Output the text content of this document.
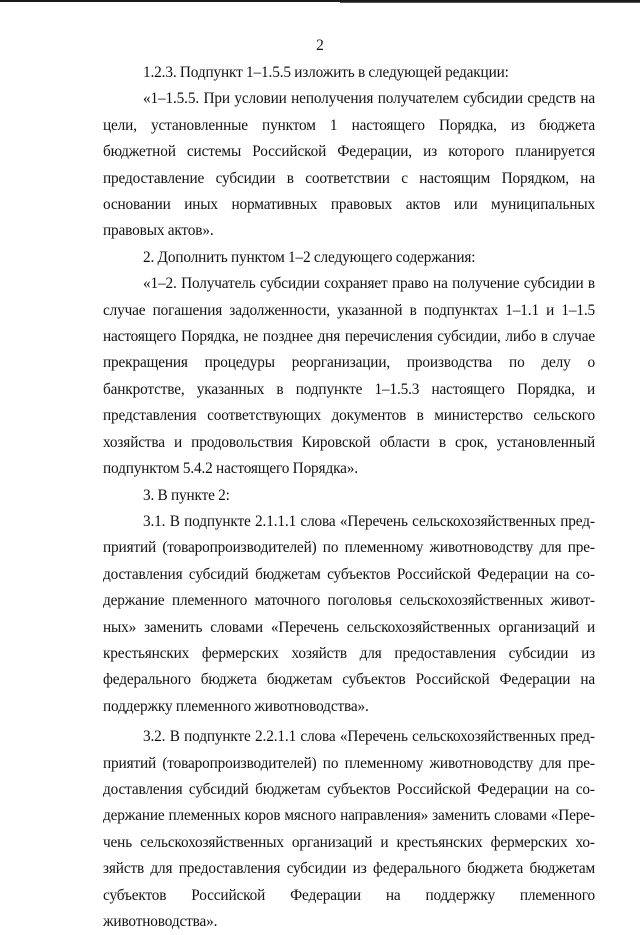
2

1.2.3. Подпункт 1–1.5.5 изложить в следующей редакции:

«1–1.5.5. При условии неполучения получателем субсидии средств на цели, установленные пунктом 1 настоящего Порядка, из бюджета бюджетной системы Российской Федерации, из которого планируется предоставление субсидии в соответствии с настоящим Порядком, на основании иных нормативных правовых актов или муниципальных правовых актов».

2. Дополнить пунктом 1–2 следующего содержания:

«1–2. Получатель субсидии сохраняет право на получение субсидии в случае погашения задолженности, указанной в подпунктах 1–1.1 и 1–1.5 настоящего Порядка, не позднее дня перечисления субсидии, либо в случае прекращения процедуры реорганизации, производства по делу о банкротстве, указанных в подпункте 1–1.5.3 настоящего Порядка, и представления соответствующих документов в министерство сельского хозяйства и продовольствия Кировской области в срок, установленный подпунктом 5.4.2 настоящего Порядка».

3. В пункте 2:

3.1. В подпункте 2.1.1.1 слова «Перечень сельскохозяйственных предприятий (товаропроизводителей) по племенному животноводству для предоставления субсидий бюджетам субъектов Российской Федерации на содержание племенного маточного поголовья сельскохозяйственных животных» заменить словами «Перечень сельскохозяйственных организаций и крестьянских фермерских хозяйств для предоставления субсидии из федерального бюджета бюджетам субъектов Российской Федерации на поддержку племенного животноводства».

3.2. В подпункте 2.2.1.1 слова «Перечень сельскохозяйственных предприятий (товаропроизводителей) по племенному животноводству для предоставления субсидий бюджетам субъектов Российской Федерации на содержание племенных коров мясного направления» заменить словами «Перечень сельскохозяйственных организаций и крестьянских фермерских хозяйств для предоставления субсидии из федерального бюджета бюджетам субъектов Российской Федерации на поддержку племенного животноводства».
